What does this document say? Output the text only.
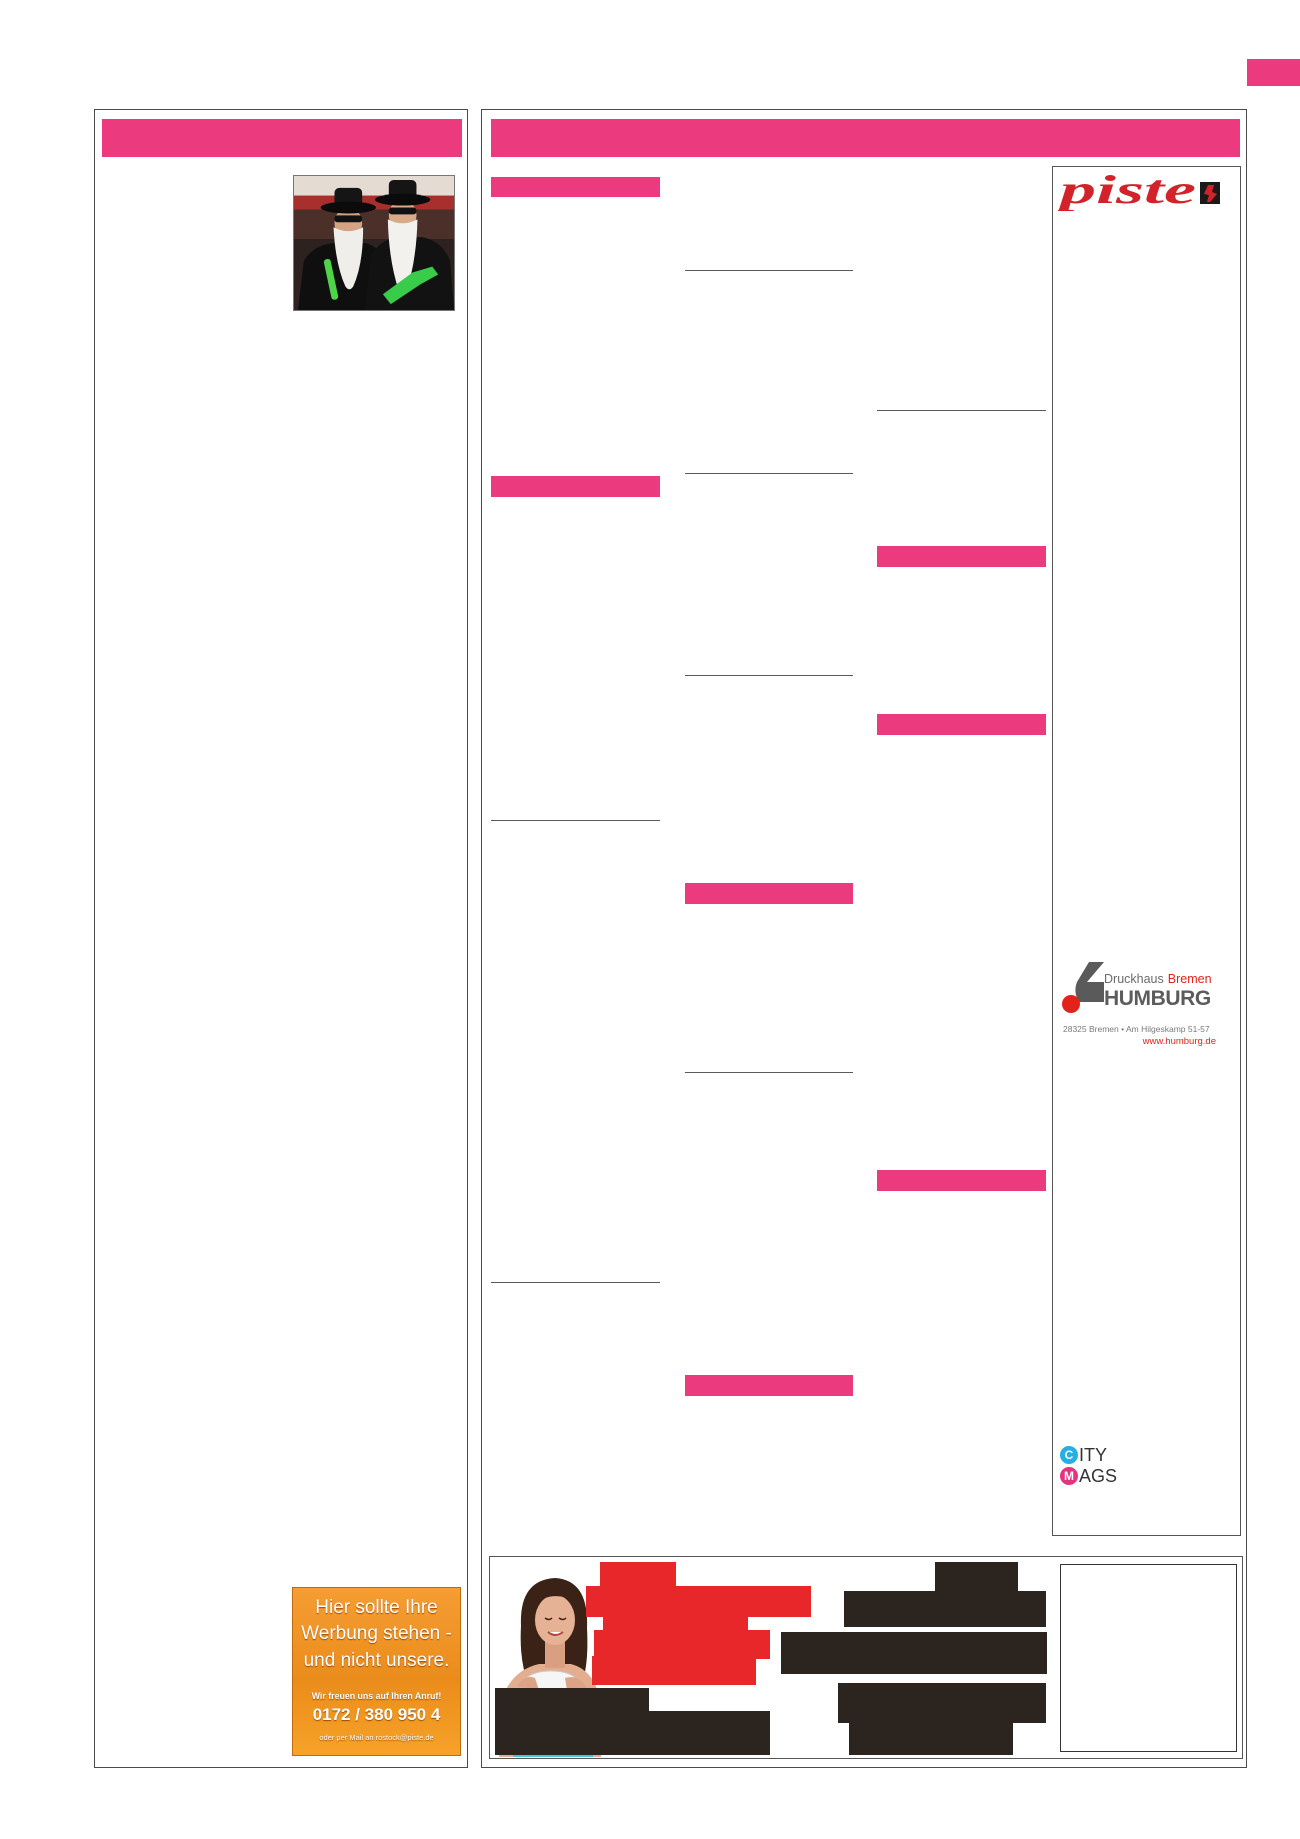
Hier sollte Ihre
Werbung stehen -
und nicht unsere.
Wir freuen uns auf Ihren Anruf!
0172 / 380 950 4
oder per Mail an rostock@piste.de
piste
Druckhaus Bremen
HUMBURG
28325 Bremen • Am Hilgeskamp 51-57
www.humburg.de
C ITY
M AGS
